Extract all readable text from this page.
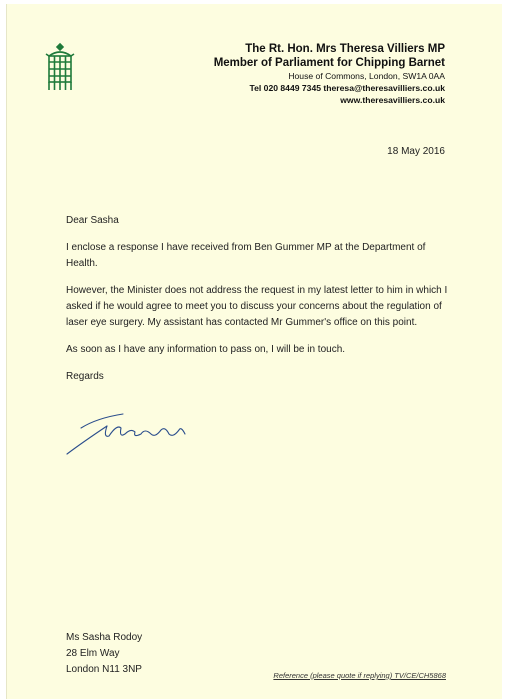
The Rt. Hon. Mrs Theresa Villiers MP
Member of Parliament for Chipping Barnet
House of Commons, London, SW1A 0AA
Tel 020 8449 7345 theresa@theresavilliers.co.uk
www.theresavilliers.co.uk
18 May 2016

Dear Sasha

I enclose a response I have received from Ben Gummer MP at the Department of Health.

However, the Minister does not address the request in my latest letter to him in which I asked if he would agree to meet you to discuss your concerns about the regulation of laser eye surgery. My assistant has contacted Mr Gummer's office on this point.

As soon as I have any information to pass on, I will be in touch.

Regards

Ms Sasha Rodoy
28 Elm Way
London N11 3NP
Reference (please quote if replying) TV/CE/CH5868
